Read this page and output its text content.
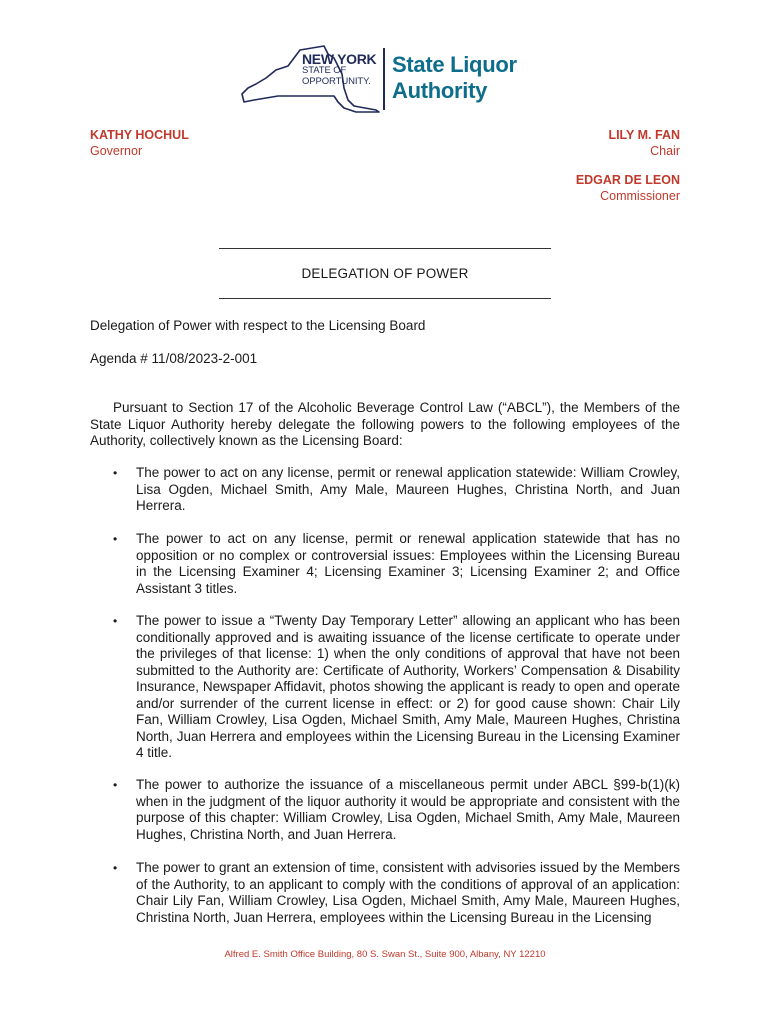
NEW YORK
STATE OF
OPPORTUNITY.
State Liquor
Authority
KATHY HOCHUL
Governor
LILY M. FAN
Chair
EDGAR DE LEON
Commissioner
DELEGATION OF POWER
Delegation of Power with respect to the Licensing Board
Agenda # 11/08/2023-2-001
Pursuant to Section 17 of the Alcoholic Beverage Control Law (“ABCL”), the Members of the State Liquor Authority hereby delegate the following powers to the following employees of the Authority, collectively known as the Licensing Board:
• The power to act on any license, permit or renewal application statewide: William Crowley, Lisa Ogden, Michael Smith, Amy Male, Maureen Hughes, Christina North, and Juan Herrera.
• The power to act on any license, permit or renewal application statewide that has no opposition or no complex or controversial issues: Employees within the Licensing Bureau in the Licensing Examiner 4; Licensing Examiner 3; Licensing Examiner 2; and Office Assistant 3 titles.
• The power to issue a “Twenty Day Temporary Letter” allowing an applicant who has been conditionally approved and is awaiting issuance of the license certificate to operate under the privileges of that license: 1) when the only conditions of approval that have not been submitted to the Authority are: Certificate of Authority, Workers’ Compensation & Disability Insurance, Newspaper Affidavit, photos showing the applicant is ready to open and operate and/or surrender of the current license in effect: or 2) for good cause shown: Chair Lily Fan, William Crowley, Lisa Ogden, Michael Smith, Amy Male, Maureen Hughes, Christina North, Juan Herrera and employees within the Licensing Bureau in the Licensing Examiner 4 title.
• The power to authorize the issuance of a miscellaneous permit under ABCL §99-b(1)(k) when in the judgment of the liquor authority it would be appropriate and consistent with the purpose of this chapter: William Crowley, Lisa Ogden, Michael Smith, Amy Male, Maureen Hughes, Christina North, and Juan Herrera.
• The power to grant an extension of time, consistent with advisories issued by the Members of the Authority, to an applicant to comply with the conditions of approval of an application: Chair Lily Fan, William Crowley, Lisa Ogden, Michael Smith, Amy Male, Maureen Hughes, Christina North, Juan Herrera, employees within the Licensing Bureau in the Licensing
Alfred E. Smith Office Building, 80 S. Swan St., Suite 900, Albany, NY 12210
